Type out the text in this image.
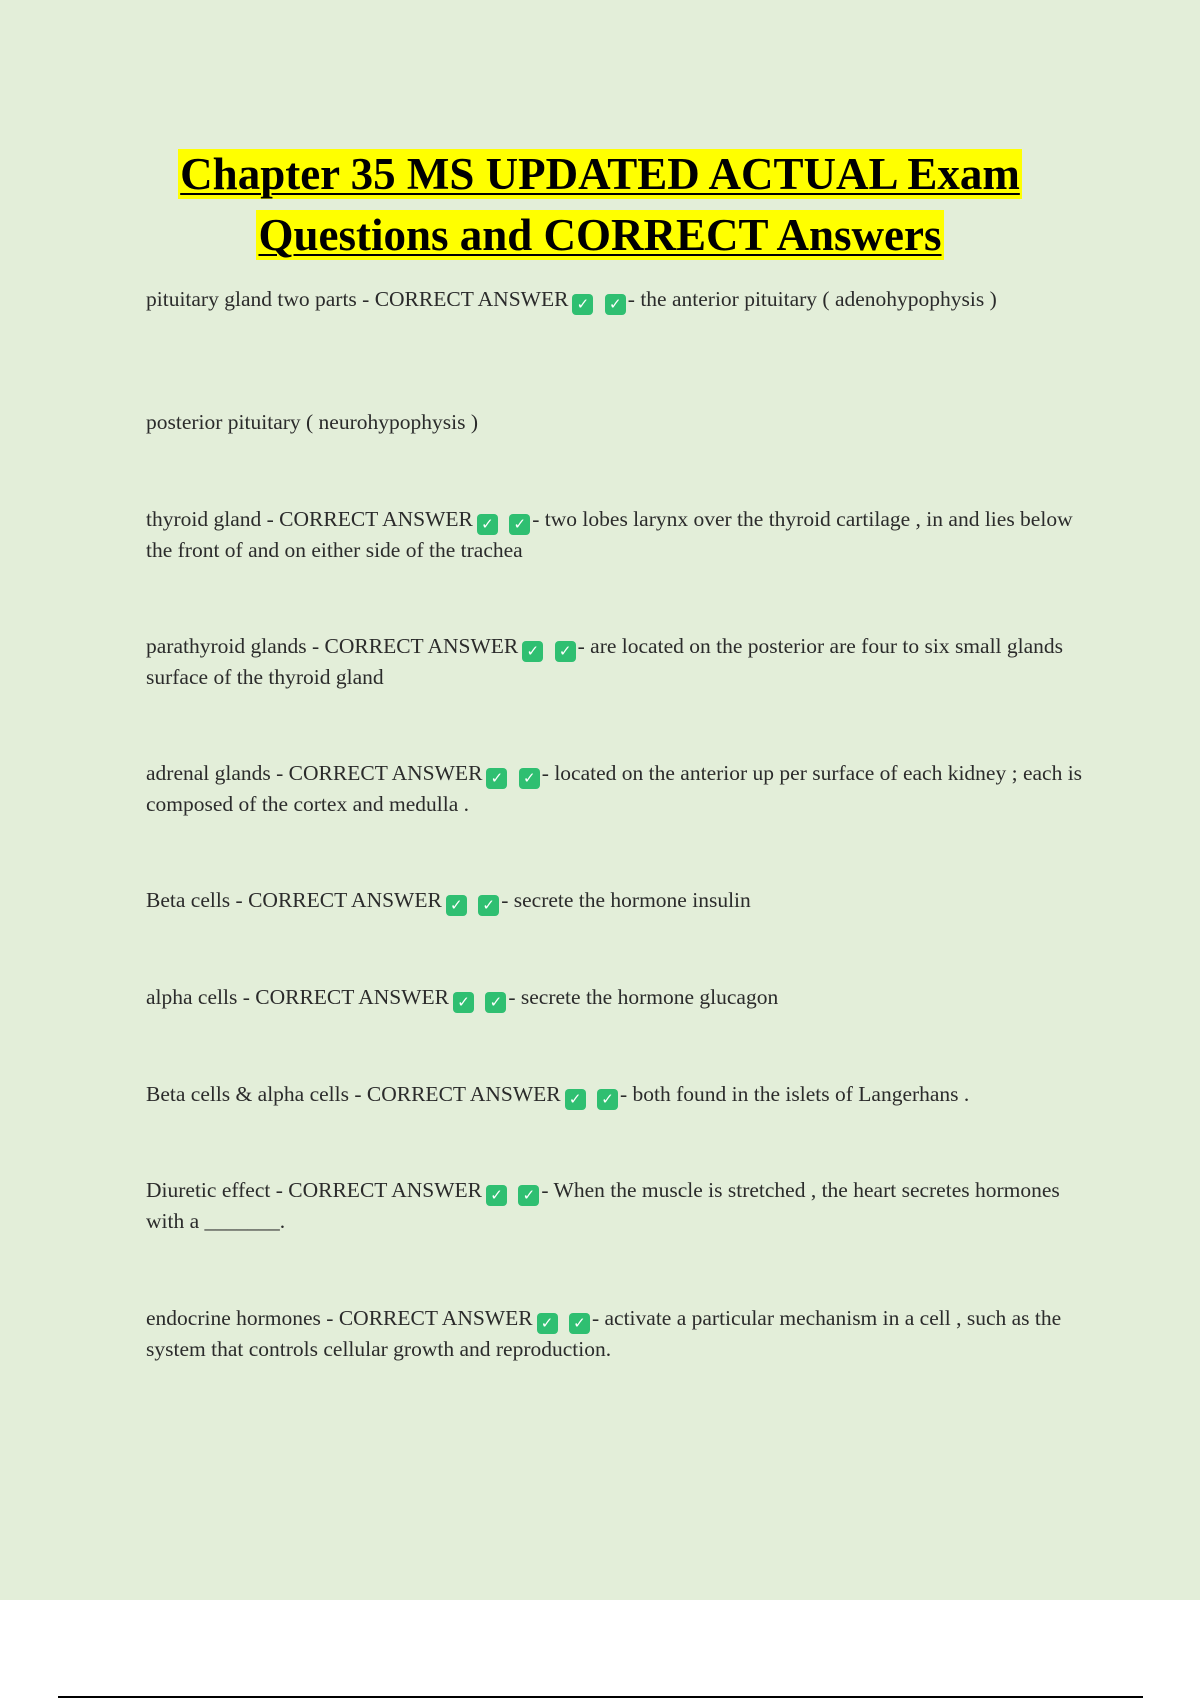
Chapter 35 MS UPDATED ACTUAL Exam
Questions and CORRECT Answers
pituitary gland two parts - CORRECT ANSWER ✓ ✓ - the anterior pituitary ( adenohypophysis )
posterior pituitary ( neurohypophysis )
thyroid gland - CORRECT ANSWER ✓ ✓ - two lobes larynx over the thyroid cartilage , in and lies below the front of and on either side of the trachea
parathyroid glands - CORRECT ANSWER ✓ ✓ - are located on the posterior are four to six small glands surface of the thyroid gland
adrenal glands - CORRECT ANSWER ✓ ✓ - located on the anterior up per surface of each kidney ; each is composed of the cortex and medulla .
Beta cells - CORRECT ANSWER ✓ ✓ - secrete the hormone insulin
alpha cells - CORRECT ANSWER ✓ ✓ - secrete the hormone glucagon
Beta cells & alpha cells - CORRECT ANSWER ✓ ✓ - both found in the islets of Langerhans .
Diuretic effect - CORRECT ANSWER ✓ ✓ - When the muscle is stretched , the heart secretes hormones with a _______.
endocrine hormones - CORRECT ANSWER ✓ ✓ - activate a particular mechanism in a cell , such as the system that controls cellular growth and reproduction.
